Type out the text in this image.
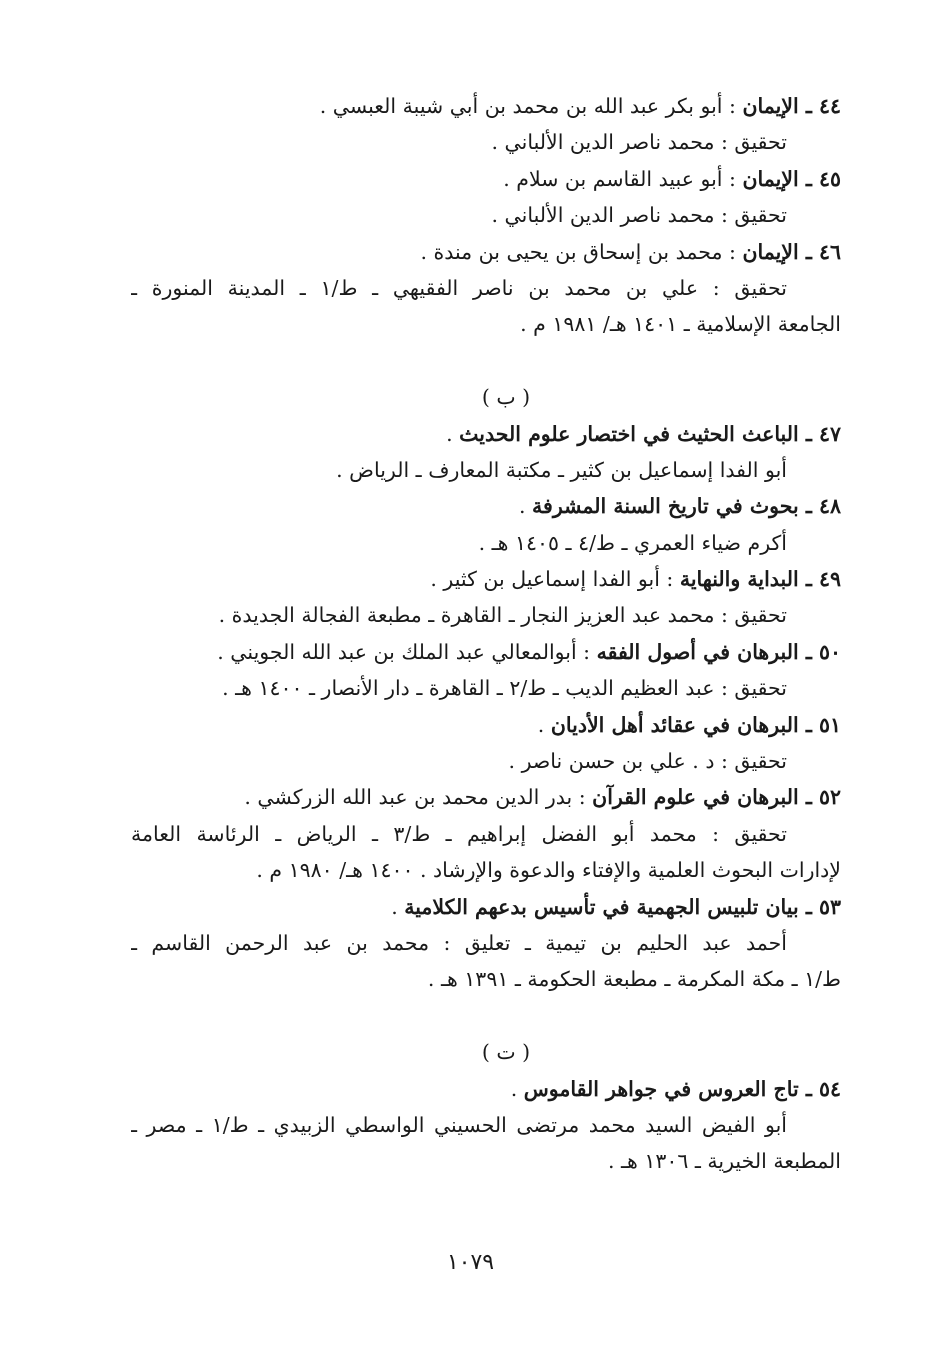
٤٤ ـ الإيمان : أبو بكر عبد الله بن محمد بن أبي شيبة العبسي .
تحقيق : محمد ناصر الدين الألباني .
٤٥ ـ الإيمان : أبو عبيد القاسم بن سلام .
تحقيق : محمد ناصر الدين الألباني .
٤٦ ـ الإيمان : محمد بن إسحاق بن يحيى بن مندة .
تحقيق : علي بن محمد بن ناصر الفقيهي ـ ط/١ ـ المدينة المنورة ـ
الجامعة الإسلامية ـ ١٤٠١ هـ/ ١٩٨١ م .
( ب )
٤٧ ـ الباعث الحثيث في اختصار علوم الحديث .
أبو الفدا إسماعيل بن كثير ـ مكتبة المعارف ـ الرياض .
٤٨ ـ بحوث في تاريخ السنة المشرفة .
أكرم ضياء العمري ـ ط/٤ ـ ١٤٠٥ هـ .
٤٩ ـ البداية والنهاية : أبو الفدا إسماعيل بن كثير .
تحقيق : محمد عبد العزيز النجار ـ القاهرة ـ مطبعة الفجالة الجديدة .
٥٠ ـ البرهان في أصول الفقه : أبوالمعالي عبد الملك بن عبد الله الجويني .
تحقيق : عبد العظيم الديب ـ ط/٢ ـ القاهرة ـ دار الأنصار ـ ١٤٠٠ هـ .
٥١ ـ البرهان في عقائد أهل الأديان .
تحقيق : د . علي بن حسن ناصر .
٥٢ ـ البرهان في علوم القرآن : بدر الدين محمد بن عبد الله الزركشي .
تحقيق : محمد أبو الفضل إبراهيم ـ ط/٣ ـ الرياض ـ الرئاسة العامة
لإدارات البحوث العلمية والإفتاء والدعوة والإرشاد . ١٤٠٠ هـ/ ١٩٨٠ م .
٥٣ ـ بيان تلبيس الجهمية في تأسيس بدعهم الكلامية .
أحمد عبد الحليم بن تيمية ـ تعليق : محمد بن عبد الرحمن القاسم ـ
ط/١ ـ مكة المكرمة ـ مطبعة الحكومة ـ ١٣٩١ هـ .
( ت )
٥٤ ـ تاج العروس في جواهر القاموس .
أبو الفيض السيد محمد مرتضى الحسيني الواسطي الزبيدي ـ ط/١ ـ مصر ـ
المطبعة الخيرية ـ ١٣٠٦ هـ .
١٠٧٩
